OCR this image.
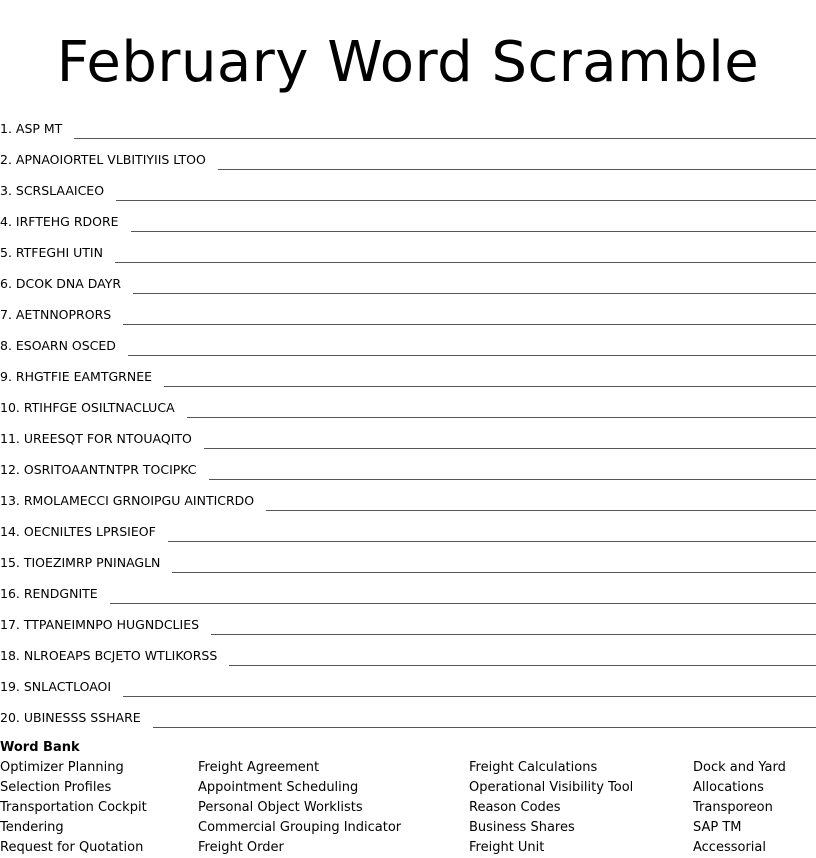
February Word Scramble
1. ASP MT
2. APNAOIORTEL VLBITIYIIS LTOO
3. SCRSLAAICEO
4. IRFTEHG RDORE
5. RTFEGHI UTIN
6. DCOK DNA DAYR
7. AETNNOPRORS
8. ESOARN OSCED
9. RHGTFIE EAMTGRNEE
10. RTIHFGE OSILTNACLUCA
11. UREESQT FOR NTOUAQITO
12. OSRITOAANTNTPR TOCIPKC
13. RMOLAMECCI GRNOIPGU AINTICRDO
14. OECNILTES LPRSIEOF
15. TIOEZIMRP PNINAGLN
16. RENDGNITE
17. TTPANEIMNPO HUGNDCLIES
18. NLROEAPS BCJETO WTLIKORSS
19. SNLACTLOAOI
20. UBINESSS SSHARE
Word Bank
Optimizer Planning
Selection Profiles
Transportation Cockpit
Tendering
Request for Quotation
Freight Agreement
Appointment Scheduling
Personal Object Worklists
Commercial Grouping Indicator
Freight Order
Freight Calculations
Operational Visibility Tool
Reason Codes
Business Shares
Freight Unit
Dock and Yard
Allocations
Transporeon
SAP TM
Accessorial
